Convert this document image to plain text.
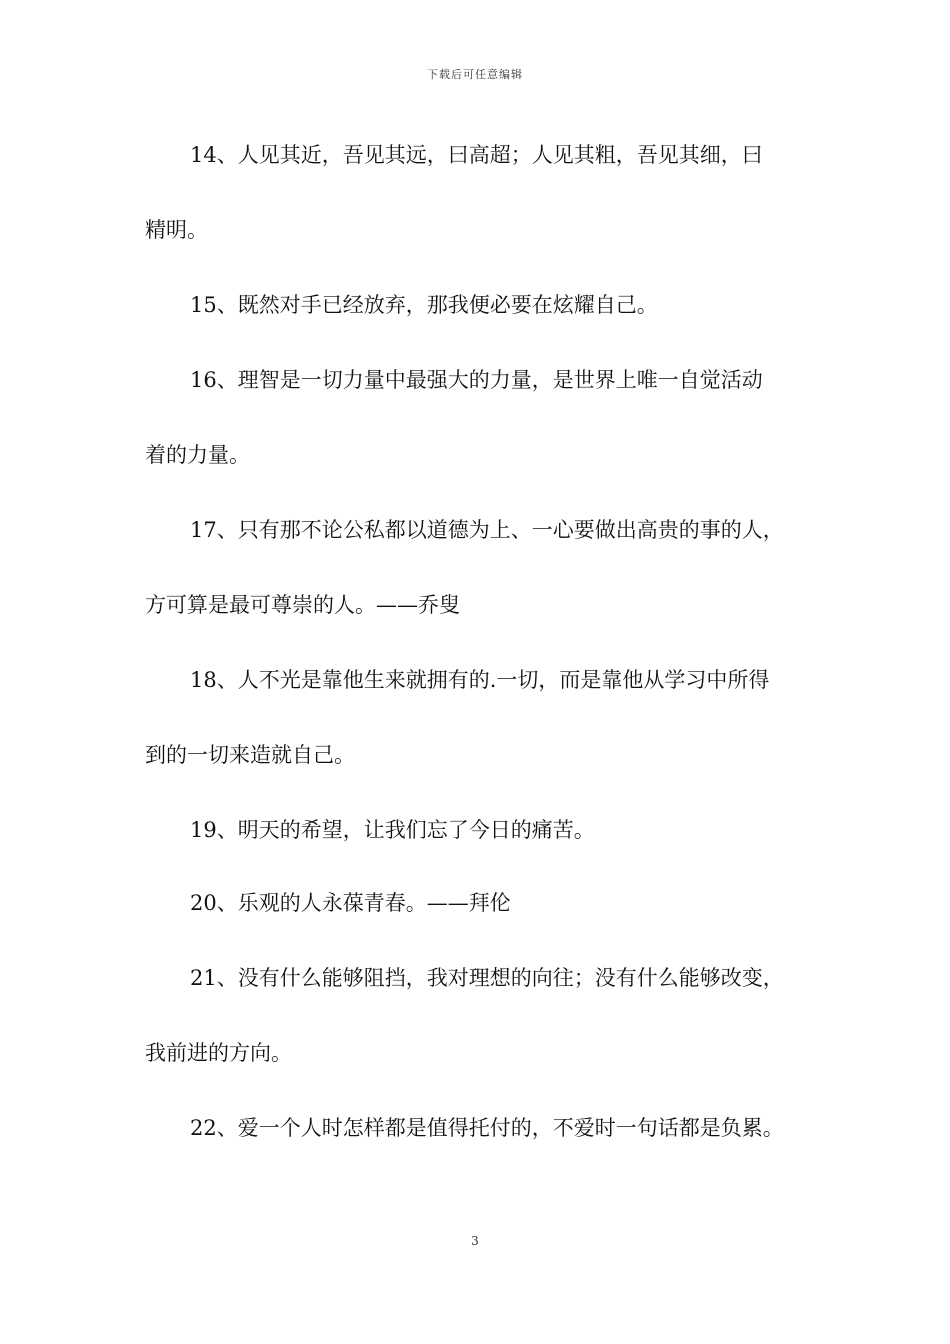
下载后可任意编辑
14、人见其近，吾见其远，曰高超；人见其粗，吾见其细，曰
精明。
15、既然对手已经放弃，那我便必要在炫耀自己。
16、理智是一切力量中最强大的力量，是世界上唯一自觉活动
着的力量。
17、只有那不论公私都以道德为上、一心要做出高贵的事的人，
方可算是最可尊崇的人。——乔叟
18、人不光是靠他生来就拥有的.一切，而是靠他从学习中所得
到的一切来造就自己。
19、明天的希望，让我们忘了今日的痛苦。
20、乐观的人永葆青春。——拜伦
21、没有什么能够阻挡，我对理想的向往；没有什么能够改变，
我前进的方向。
22、爱一个人时怎样都是值得托付的，不爱时一句话都是负累。
3
